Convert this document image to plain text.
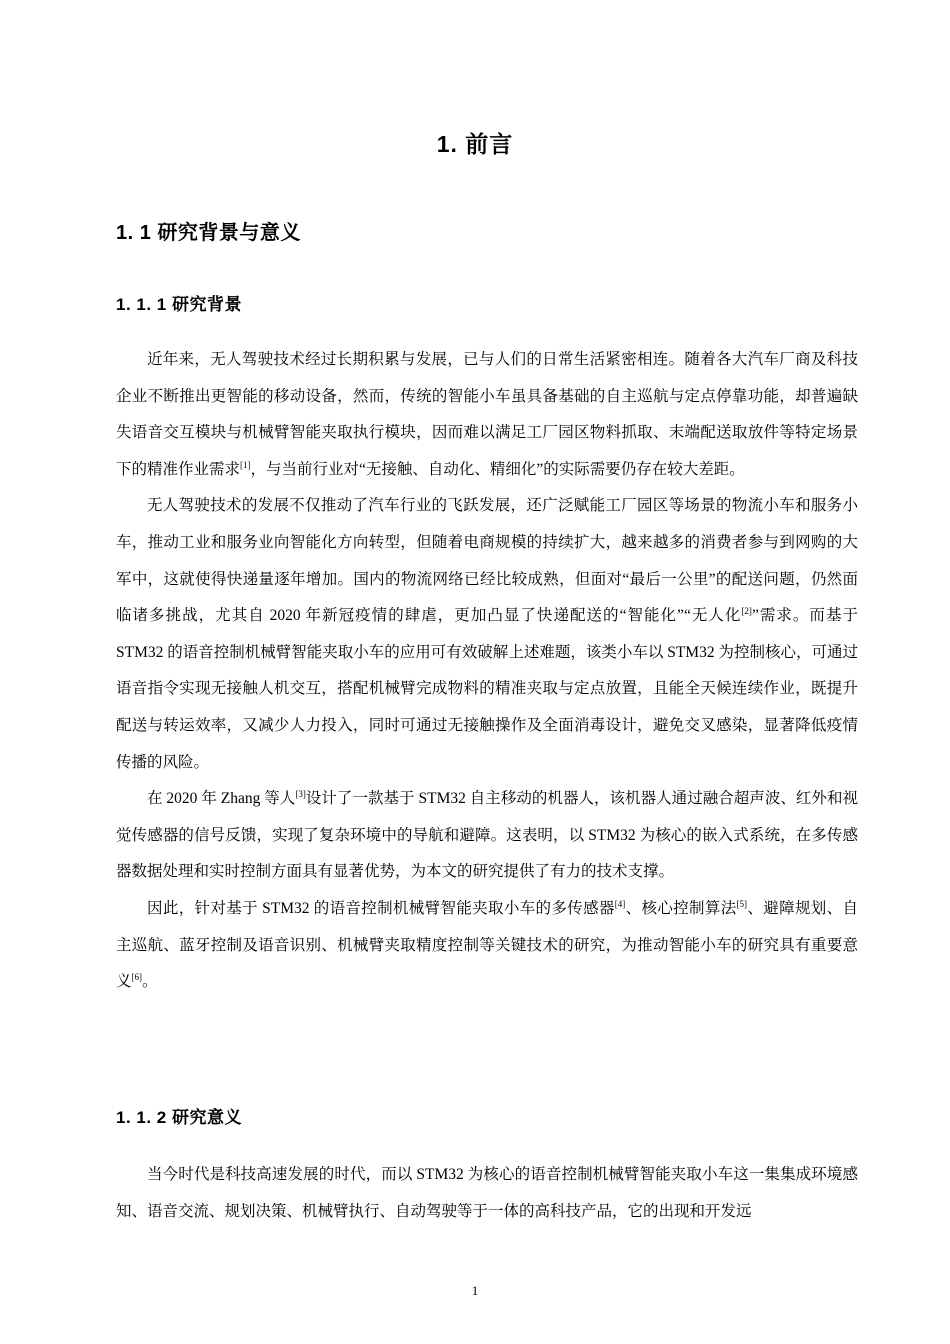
1. 前言
1. 1 研究背景与意义
1. 1. 1 研究背景

近年来，无人驾驶技术经过长期积累与发展，已与人们的日常生活紧密相连。随着各大汽车厂商及科技企业不断推出更智能的移动设备，然而，传统的智能小车虽具备基础的自主巡航与定点停靠功能，却普遍缺失语音交互模块与机械臂智能夹取执行模块，因而难以满足工厂园区物料抓取、末端配送取放件等特定场景下的精准作业需求[1]，与当前行业对“无接触、自动化、精细化”的实际需要仍存在较大差距。

无人驾驶技术的发展不仅推动了汽车行业的飞跃发展，还广泛赋能工厂园区等场景的物流小车和服务小车，推动工业和服务业向智能化方向转型，但随着电商规模的持续扩大，越来越多的消费者参与到网购的大军中，这就使得快递量逐年增加。国内的物流网络已经比较成熟，但面对“最后一公里”的配送问题，仍然面临诸多挑战，尤其自 2020 年新冠疫情的肆虐，更加凸显了快递配送的“智能化”“无人化[2]”需求。而基于 STM32 的语音控制机械臂智能夹取小车的应用可有效破解上述难题，该类小车以 STM32 为控制核心，可通过语音指令实现无接触人机交互，搭配机械臂完成物料的精准夹取与定点放置，且能全天候连续作业，既提升配送与转运效率，又减少人力投入，同时可通过无接触操作及全面消毒设计，避免交叉感染，显著降低疫情传播的风险。

在 2020 年 Zhang 等人[3]设计了一款基于 STM32 自主移动的机器人，该机器人通过融合超声波、红外和视觉传感器的信号反馈，实现了复杂环境中的导航和避障。这表明，以 STM32 为核心的嵌入式系统，在多传感器数据处理和实时控制方面具有显著优势，为本文的研究提供了有力的技术支撑。

因此，针对基于 STM32 的语音控制机械臂智能夹取小车的多传感器[4]、核心控制算法[5]、避障规划、自主巡航、蓝牙控制及语音识别、机械臂夹取精度控制等关键技术的研究，为推动智能小车的研究具有重要意义[6]。

1. 1. 2 研究意义

当今时代是科技高速发展的时代，而以 STM32 为核心的语音控制机械臂智能夹取小车这一集集成环境感知、语音交流、规划决策、机械臂执行、自动驾驶等于一体的高科技产品，它的出现和开发远

1
